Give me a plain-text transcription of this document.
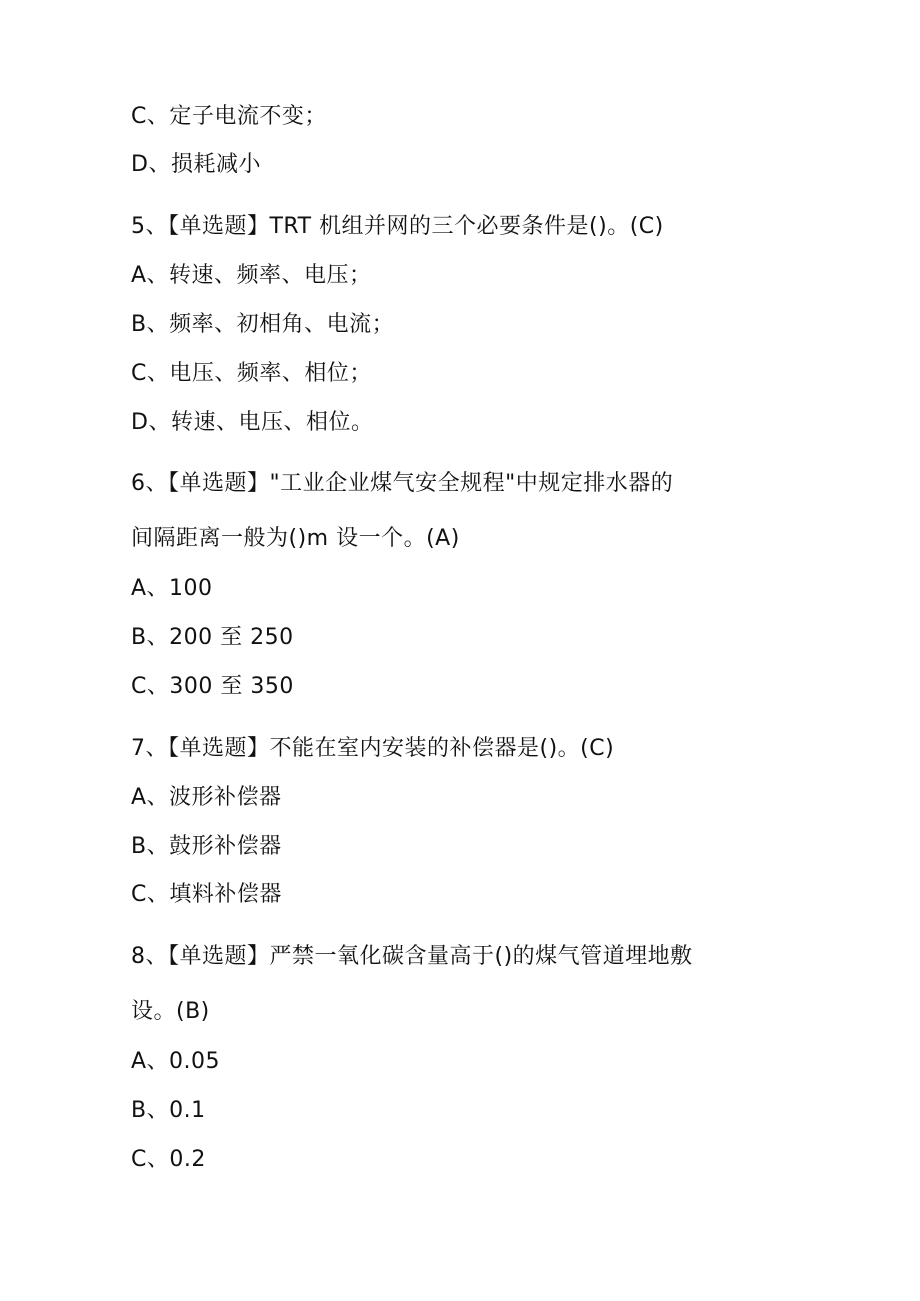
C、定子电流不变；
D、损耗减小
5、【单选题】TRT 机组并网的三个必要条件是()。(C)
A、转速、频率、电压；
B、频率、初相角、电流；
C、电压、频率、相位；
D、转速、电压、相位。
6、【单选题】"工业企业煤气安全规程"中规定排水器的
间隔距离一般为()m 设一个。(A)
A、100
B、200 至 250
C、300 至 350
7、【单选题】不能在室内安装的补偿器是()。(C)
A、波形补偿器
B、鼓形补偿器
C、填料补偿器
8、【单选题】严禁一氧化碳含量高于()的煤气管道埋地敷
设。(B)
A、0.05
B、0.1
C、0.2
